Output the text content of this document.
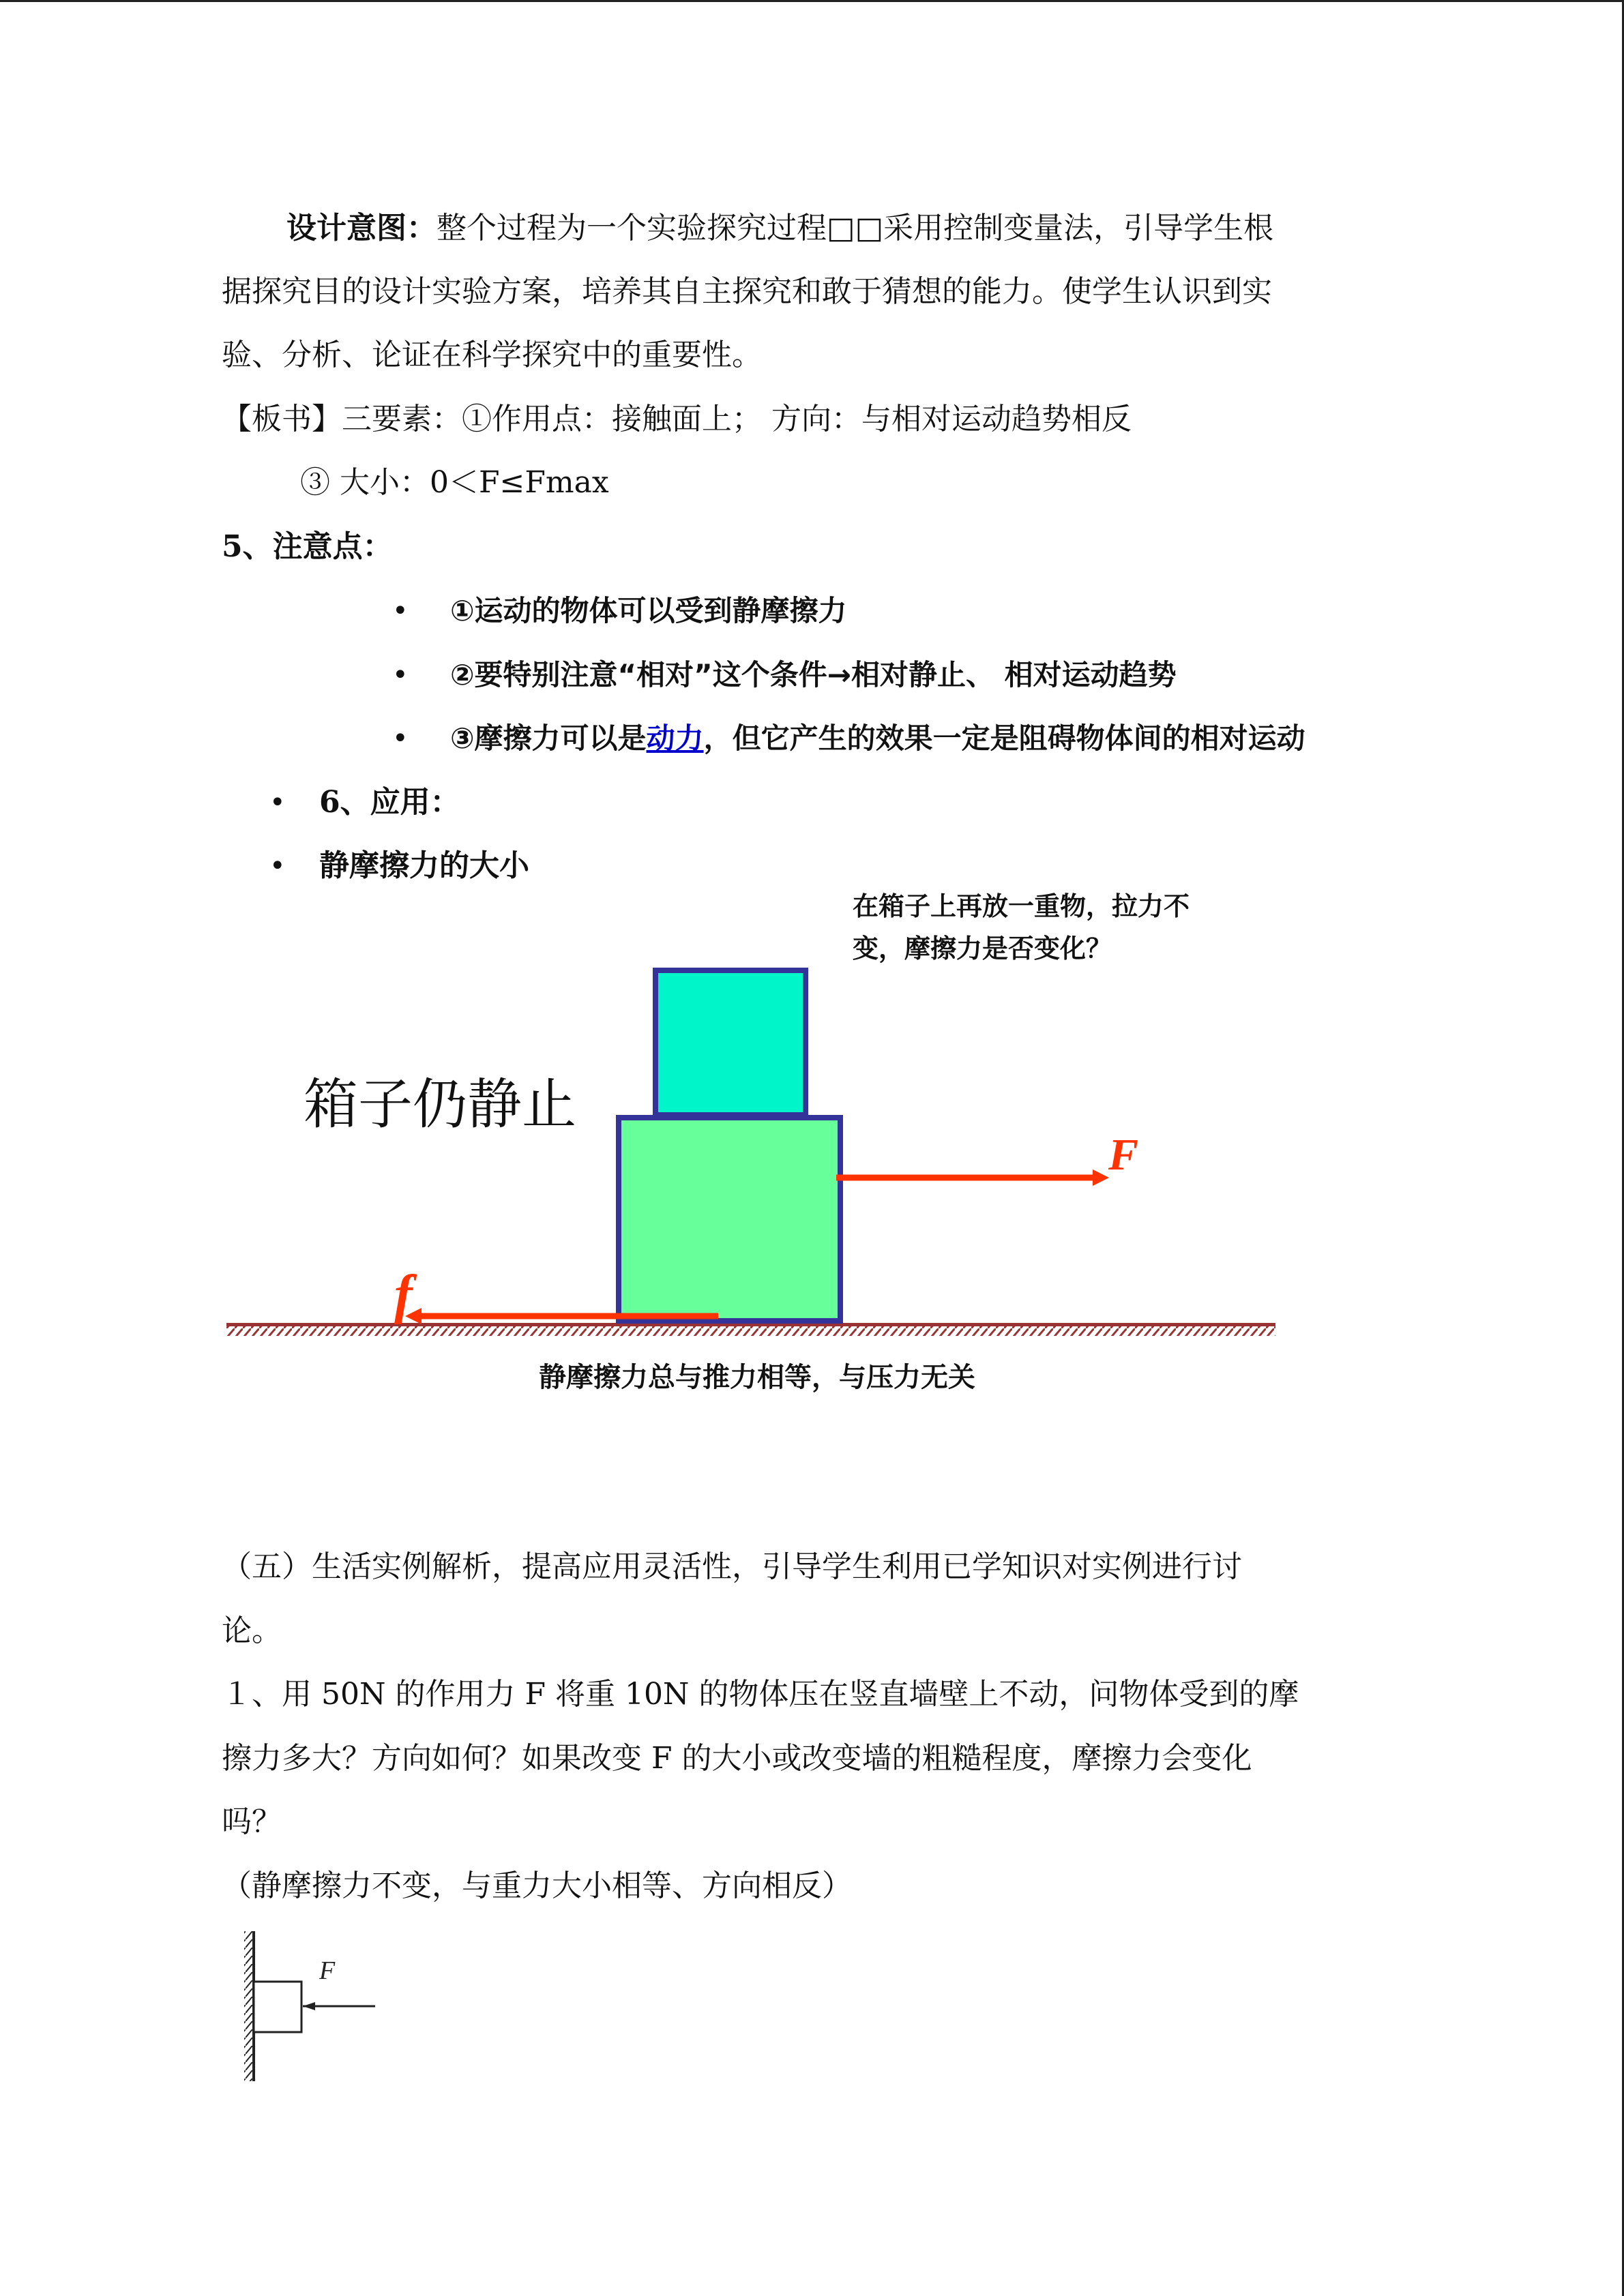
设计意图：整个过程为一个实验探究过程□□采用控制变量法，引导学生根
据探究目的设计实验方案，培养其自主探究和敢于猜想的能力。使学生认识到实
验、分析、论证在科学探究中的重要性。
【板书】三要素：①作用点：接触面上； 方向：与相对运动趋势相反
③ 大小：0＜F≤Fmax
5、注意点：
• ①运动的物体可以受到静摩擦力
• ②要特别注意“相对”这个条件→相对静止、 相对运动趋势
• ③摩擦力可以是动力，但它产生的效果一定是阻碍物体间的相对运动
• 6、应用：
• 静摩擦力的大小
在箱子上再放一重物，拉力不变，摩擦力是否变化？
箱子仍静止
F
f
静摩擦力总与推力相等，与压力无关
（五）生活实例解析，提高应用灵活性，引导学生利用已学知识对实例进行讨
论。
１、用 50N 的作用力 F 将重 10N 的物体压在竖直墙壁上不动，问物体受到的摩
擦力多大？方向如何？如果改变 F 的大小或改变墙的粗糙程度，摩擦力会变化
吗？
（静摩擦力不变，与重力大小相等、方向相反）
F
